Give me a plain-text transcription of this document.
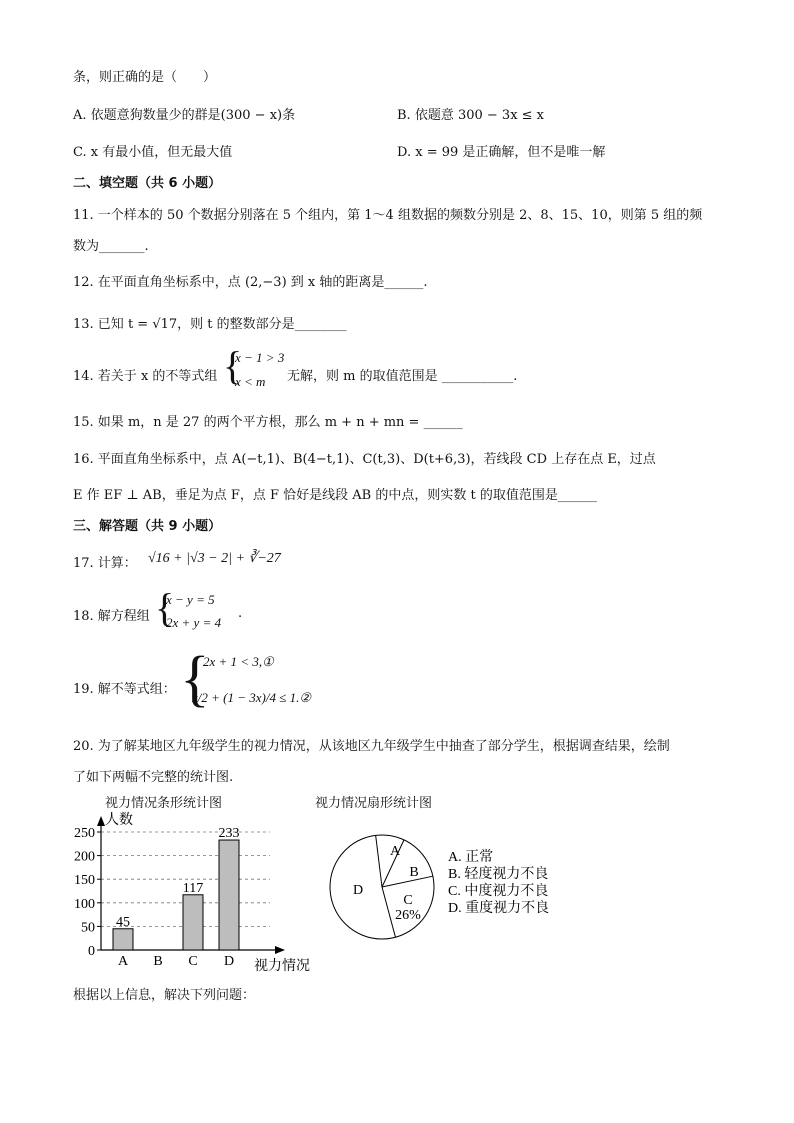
条，则正确的是（　　）
A. 依题意狗数量少的群是(300 − x)条	B. 依题意 300 − 3x ≤ x
C. x 有最小值，但无最大值	D. x = 99 是正确解，但不是唯一解
二、填空题（共 6 小题）
11. 一个样本的 50 个数据分别落在 5 个组内，第 1～4 组数据的频数分别是 2、8、15、10，则第 5 组的频
数为_______.
12. 在平面直角坐标系中，点 (2,−3) 到 x 轴的距离是______.
13. 已知 t = √17，则 t 的整数部分是________
14. 若关于 x 的不等式组 {
x − 1 > 3
x < m 无解，则 m 的取值范围是 ___________.
15. 如果 m，n 是 27 的两个平方根，那么 m + n + mn = ______
16. 平面直角坐标系中，点 A(−t,1)、B(4−t,1)、C(t,3)、D(t+6,3)，若线段 CD 上存在点 E，过点
E 作 EF ⊥ AB，垂足为点 F，点 F 恰好是线段 AB 的中点，则实数 t 的取值范围是______
三、解答题（共 9 小题）
17. 计算： √16 + |√3 − 2| + ∛−27
18. 解方程组 {
x − y = 5
2x + y = 4
.
19. 解不等式组： {
2x + 1 < 3,①
x/2 + (1 − 3x)/4 ≤ 1.②
20. 为了解某地区九年级学生的视力情况，从该地区九年级学生中抽查了部分学生，根据调查结果，绘制
了如下两幅不完整的统计图.
视力情况条形统计图
0
50
100
150
200
250
人数
视力情况
45
A B
117
C
233
D
视力情况扇形统计图
A
B
C
26%
D
A. 正常
B. 轻度视力不良
C. 中度视力不良
D. 重度视力不良
根据以上信息，解决下列问题：
